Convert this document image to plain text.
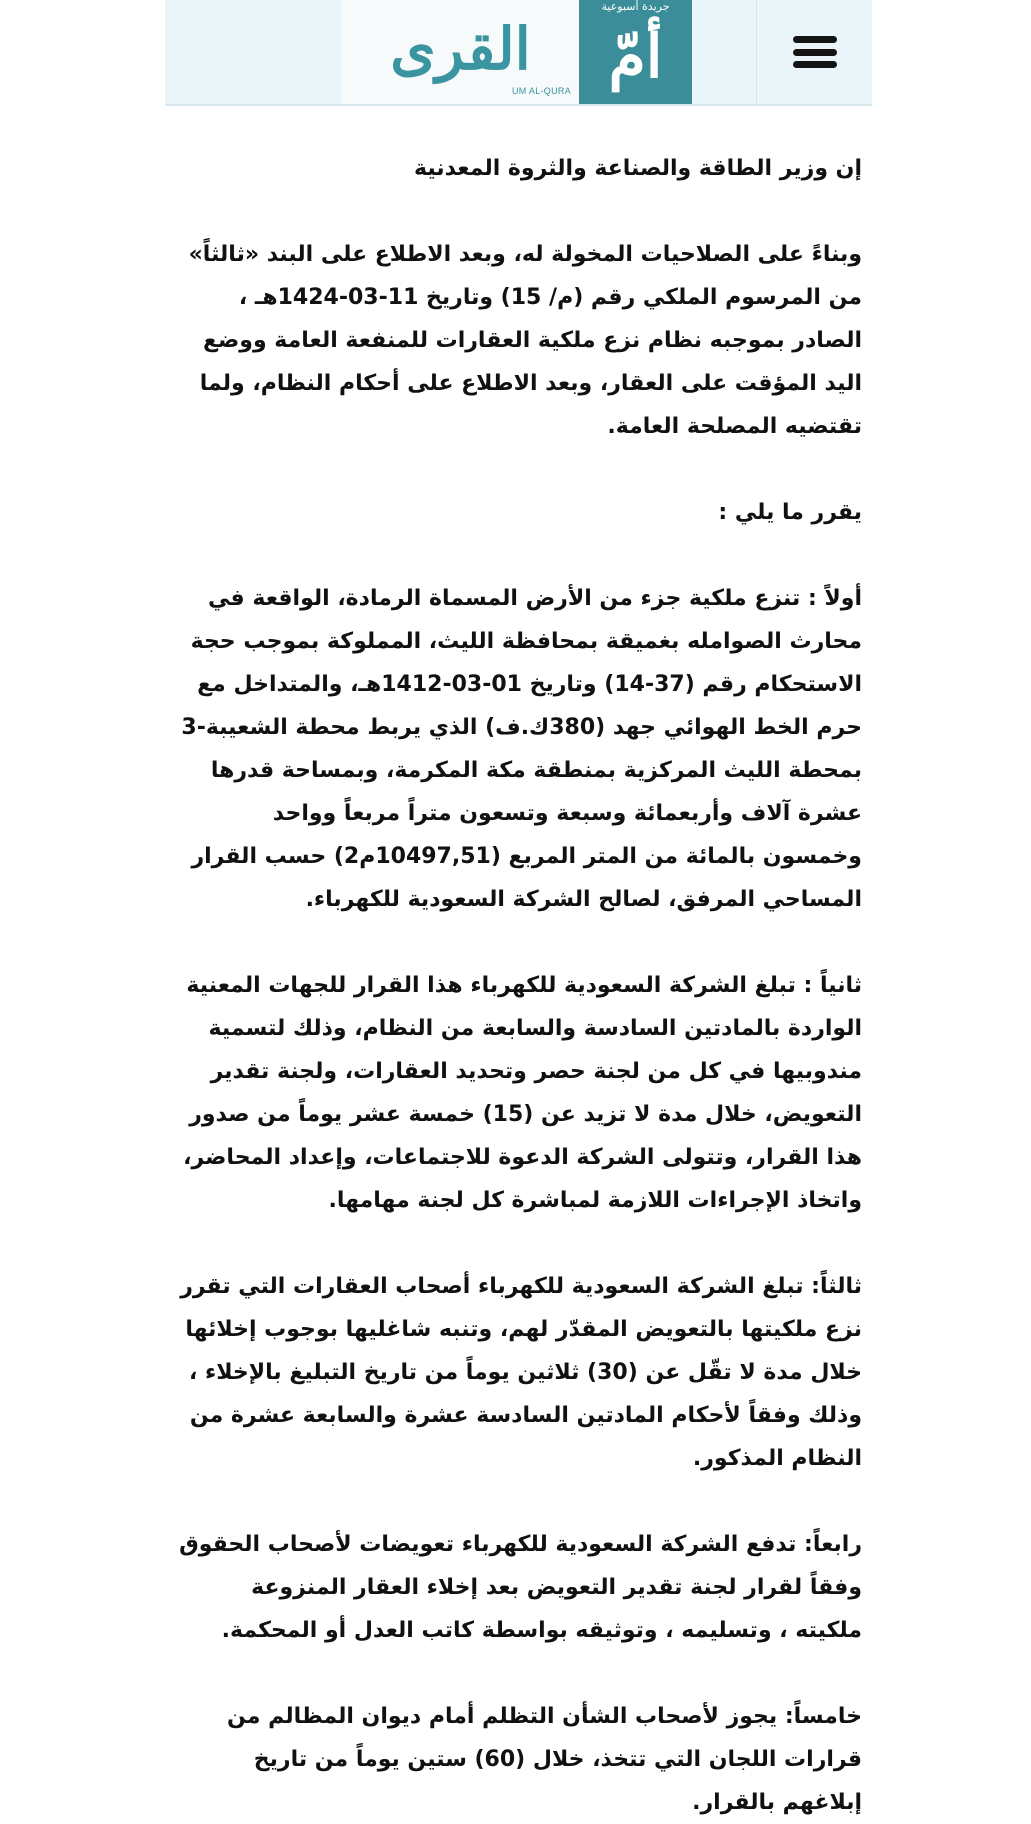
القرى
UM AL-QURA
جريدة أسبوعية
أمّ

إن وزير الطاقة والصناعة والثروة المعدنية

وبناءً على الصلاحيات المخولة له، وبعد الاطلاع على البند «ثالثاً» من المرسوم الملكي رقم (م/ 15) وتاريخ 11-03-1424هـ ، الصادر بموجبه نظام نزع ملكية العقارات للمنفعة العامة ووضع اليد المؤقت على العقار، وبعد الاطلاع على أحكام النظام، ولما تقتضيه المصلحة العامة.

يقرر ما يلي :

أولاً : تنزع ملكية جزء من الأرض المسماة الرمادة، الواقعة في محارث الصوامله بغميقة بمحافظة الليث، المملوكة بموجب حجة الاستحكام رقم (37-14) وتاريخ 01-03-1412هـ، والمتداخل مع حرم الخط الهوائي جهد (380ك.ف) الذي يربط محطة الشعيبة-3 بمحطة الليث المركزية بمنطقة مكة المكرمة، وبمساحة قدرها عشرة آلاف وأربعمائة وسبعة وتسعون متراً مربعاً وواحد وخمسون بالمائة من المتر المربع (10497,51م2) حسب القرار المساحي المرفق، لصالح الشركة السعودية للكهرباء.

ثانياً : تبلغ الشركة السعودية للكهرباء هذا القرار للجهات المعنية الواردة بالمادتين السادسة والسابعة من النظام، وذلك لتسمية مندوبيها في كل من لجنة حصر وتحديد العقارات، ولجنة تقدير التعويض، خلال مدة لا تزيد عن (15) خمسة عشر يوماً من صدور هذا القرار، وتتولى الشركة الدعوة للاجتماعات، وإعداد المحاضر، واتخاذ الإجراءات اللازمة لمباشرة كل لجنة مهامها.

ثالثاً: تبلغ الشركة السعودية للكهرباء أصحاب العقارات التي تقرر نزع ملكيتها بالتعويض المقدّر لهم، وتنبه شاغليها بوجوب إخلائها خلال مدة لا تقّل عن (30) ثلاثين يوماً من تاريخ التبليغ بالإخلاء ، وذلك وفقاً لأحكام المادتين السادسة عشرة والسابعة عشرة من النظام المذكور.

رابعاً: تدفع الشركة السعودية للكهرباء تعويضات لأصحاب الحقوق وفقاً لقرار لجنة تقدير التعويض بعد إخلاء العقار المنزوعة ملكيته ، وتسليمه ، وتوثيقه بواسطة كاتب العدل أو المحكمة.

خامساً: يجوز لأصحاب الشأن التظلم أمام ديوان المظالم من قرارات اللجان التي تتخذ، خلال (60) ستين يوماً من تاريخ إبلاغهم بالقرار.
